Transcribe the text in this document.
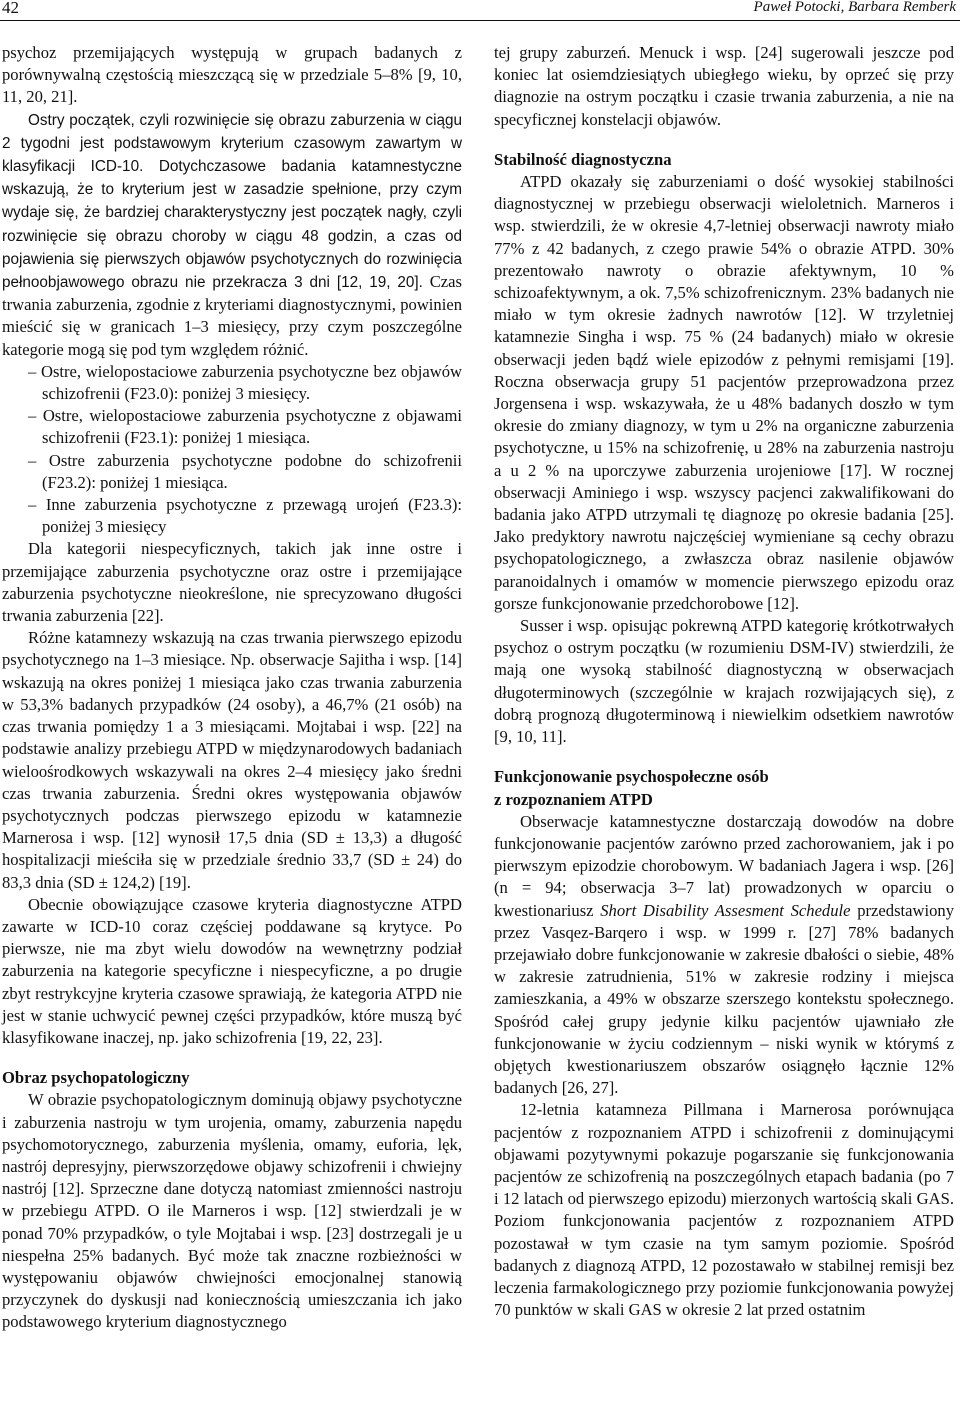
42	Paweł Potocki, Barbara Remberk

psychoz przemijających występują w grupach badanych z porównywalną częstością mieszczącą się w przedziale 5–8% [9, 10, 11, 20, 21].

Ostry początek, czyli rozwinięcie się obrazu zaburzenia w ciągu 2 tygodni jest podstawowym kryterium czasowym zawartym w klasyfikacji ICD-10. Dotychczasowe badania katamnestyczne wskazują, że to kryterium jest w zasadzie spełnione, przy czym wydaje się, że bardziej charakterystyczny jest początek nagły, czyli rozwinięcie się obrazu choroby w ciągu 48 godzin, a czas od pojawienia się pierwszych objawów psychotycznych do rozwinięcia pełnoobjawowego obrazu nie przekracza 3 dni [12, 19, 20]. Czas trwania zaburzenia, zgodnie z kryteriami diagnostycznymi, powinien mieścić się w granicach 1–3 miesięcy, przy czym poszczególne kategorie mogą się pod tym względem różnić.

– Ostre, wielopostaciowe zaburzenia psychotyczne bez objawów schizofrenii (F23.0): poniżej 3 miesięcy.
– Ostre, wielopostaciowe zaburzenia psychotyczne z objawami schizofrenii (F23.1): poniżej 1 miesiąca.
– Ostre zaburzenia psychotyczne podobne do schizofrenii (F23.2): poniżej 1 miesiąca.
– Inne zaburzenia psychotyczne z przewagą urojeń (F23.3): poniżej 3 miesięcy

Dla kategorii niespecyficznych, takich jak inne ostre i przemijające zaburzenia psychotyczne oraz ostre i przemijające zaburzenia psychotyczne nieokreślone, nie sprecyzowano długości trwania zaburzenia [22].

Różne katamnezy wskazują na czas trwania pierwszego epizodu psychotycznego na 1–3 miesiące. Np. obserwacje Sajitha i wsp. [14] wskazują na okres poniżej 1 miesiąca jako czas trwania zaburzenia w 53,3% badanych przypadków (24 osoby), a 46,7% (21 osób) na czas trwania pomiędzy 1 a 3 miesiącami. Mojtabai i wsp. [22] na podstawie analizy przebiegu ATPD w międzynarodowych badaniach wieloośrodkowych wskazywali na okres 2–4 miesięcy jako średni czas trwania zaburzenia. Średni okres występowania objawów psychotycznych podczas pierwszego epizodu w katamnezie Marnerosa i wsp. [12] wynosił 17,5 dnia (SD ± 13,3) a długość hospitalizacji mieściła się w przedziale średnio 33,7 (SD ± 24) do 83,3 dnia (SD ± 124,2) [19].

Obecnie obowiązujące czasowe kryteria diagnostyczne ATPD zawarte w ICD-10 coraz częściej poddawane są krytyce. Po pierwsze, nie ma zbyt wielu dowodów na wewnętrzny podział zaburzenia na kategorie specyficzne i niespecyficzne, a po drugie zbyt restrykcyjne kryteria czasowe sprawiają, że kategoria ATPD nie jest w stanie uchwycić pewnej części przypadków, które muszą być klasyfikowane inaczej, np. jako schizofrenia [19, 22, 23].

Obraz psychopatologiczny

W obrazie psychopatologicznym dominują objawy psychotyczne i zaburzenia nastroju w tym urojenia, omamy, zaburzenia napędu psychomotorycznego, zaburzenia myślenia, omamy, euforia, lęk, nastrój depresyjny, pierwszorzędowe objawy schizofrenii i chwiejny nastrój [12]. Sprzeczne dane dotyczą natomiast zmienności nastroju w przebiegu ATPD. O ile Marneros i wsp. [12] stwierdzali je w ponad 70% przypadków, o tyle Mojtabai i wsp. [23] dostrzegali je u niespełna 25% badanych. Być może tak znaczne rozbieżności w występowaniu objawów chwiejności emocjonalnej stanowią przyczynek do dyskusji nad koniecznością umieszczania ich jako podstawowego kryterium diagnostycznego

tej grupy zaburzeń. Menuck i wsp. [24] sugerowali jeszcze pod koniec lat osiemdziesiątych ubiegłego wieku, by oprzeć się przy diagnozie na ostrym początku i czasie trwania zaburzenia, a nie na specyficznej konstelacji objawów.

Stabilność diagnostyczna

ATPD okazały się zaburzeniami o dość wysokiej stabilności diagnostycznej w przebiegu obserwacji wieloletnich. Marneros i wsp. stwierdzili, że w okresie 4,7-letniej obserwacji nawroty miało 77% z 42 badanych, z czego prawie 54% o obrazie ATPD. 30% prezentowało nawroty o obrazie afektywnym, 10 % schizoafektywnym, a ok. 7,5% schizofrenicznym. 23% badanych nie miało w tym okresie żadnych nawrotów [12]. W trzyletniej katamnezie Singha i wsp. 75 % (24 badanych) miało w okresie obserwacji jeden bądź wiele epizodów z pełnymi remisjami [19]. Roczna obserwacja grupy 51 pacjentów przeprowadzona przez Jorgensena i wsp. wskazywała, że u 48% badanych doszło w tym okresie do zmiany diagnozy, w tym u 2% na organiczne zaburzenia psychotyczne, u 15% na schizofrenię, u 28% na zaburzenia nastroju a u 2 % na uporczywe zaburzenia urojeniowe [17]. W rocznej obserwacji Aminiego i wsp. wszyscy pacjenci zakwalifikowani do badania jako ATPD utrzymali tę diagnozę po okresie badania [25]. Jako predyktory nawrotu najczęściej wymieniane są cechy obrazu psychopatologicznego, a zwłaszcza obraz nasilenie objawów paranoidalnych i omamów w momencie pierwszego epizodu oraz gorsze funkcjonowanie przedchorobowe [12].

Susser i wsp. opisując pokrewną ATPD kategorię krótkotrwałych psychoz o ostrym początku (w rozumieniu DSM-IV) stwierdzili, że mają one wysoką stabilność diagnostyczną w obserwacjach długoterminowych (szczególnie w krajach rozwijających się), z dobrą prognozą długoterminową i niewielkim odsetkiem nawrotów [9, 10, 11].

Funkcjonowanie psychospołeczne osób
z rozpoznaniem ATPD

Obserwacje katamnestyczne dostarczają dowodów na dobre funkcjonowanie pacjentów zarówno przed zachorowaniem, jak i po pierwszym epizodzie chorobowym. W badaniach Jagera i wsp. [26] (n = 94; obserwacja 3–7 lat) prowadzonych w oparciu o kwestionariusz Short Disability Assesment Schedule przedstawiony przez Vasqez-Barqero i wsp. w 1999 r. [27] 78% badanych przejawiało dobre funkcjonowanie w zakresie dbałości o siebie, 48% w zakresie zatrudnienia, 51% w zakresie rodziny i miejsca zamieszkania, a 49% w obszarze szerszego kontekstu społecznego. Spośród całej grupy jedynie kilku pacjentów ujawniało złe funkcjonowanie w życiu codziennym – niski wynik w którymś z objętych kwestionariuszem obszarów osiągnęło łącznie 12% badanych [26, 27].

12-letnia katamneza Pillmana i Marnerosa porównująca pacjentów z rozpoznaniem ATPD i schizofrenii z dominującymi objawami pozytywnymi pokazuje pogarszanie się funkcjonowania pacjentów ze schizofrenią na poszczególnych etapach badania (po 7 i 12 latach od pierwszego epizodu) mierzonych wartością skali GAS. Poziom funkcjonowania pacjentów z rozpoznaniem ATPD pozostawał w tym czasie na tym samym poziomie. Spośród badanych z diagnozą ATPD, 12 pozostawało w stabilnej remisji bez leczenia farmakologicznego przy poziomie funkcjonowania powyżej 70 punktów w skali GAS w okresie 2 lat przed ostatnim
